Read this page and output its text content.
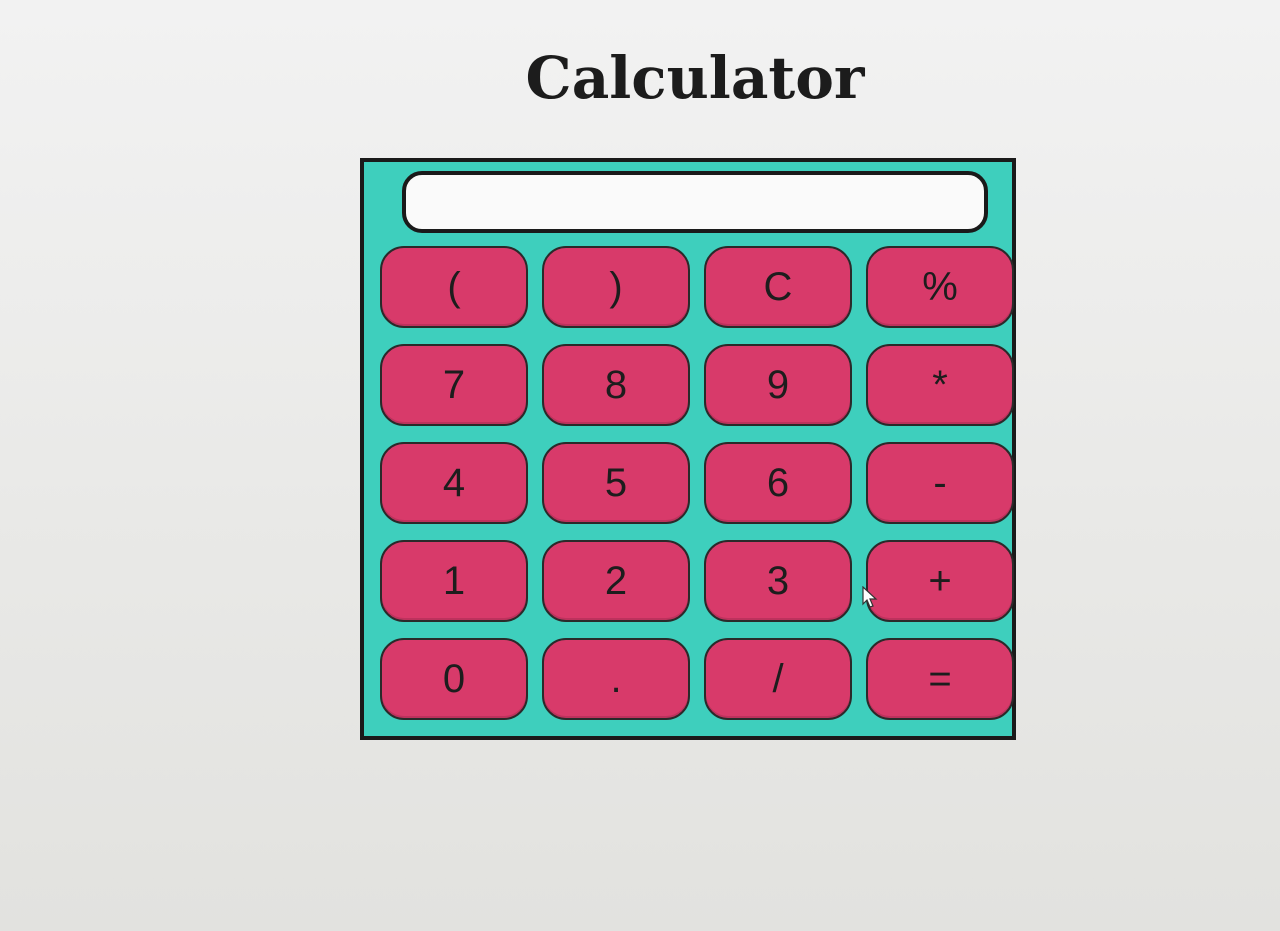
Calculator
(	)	C	%
7	8	9	*
4	5	6	-
1	2	3	+
0	.	/	=
